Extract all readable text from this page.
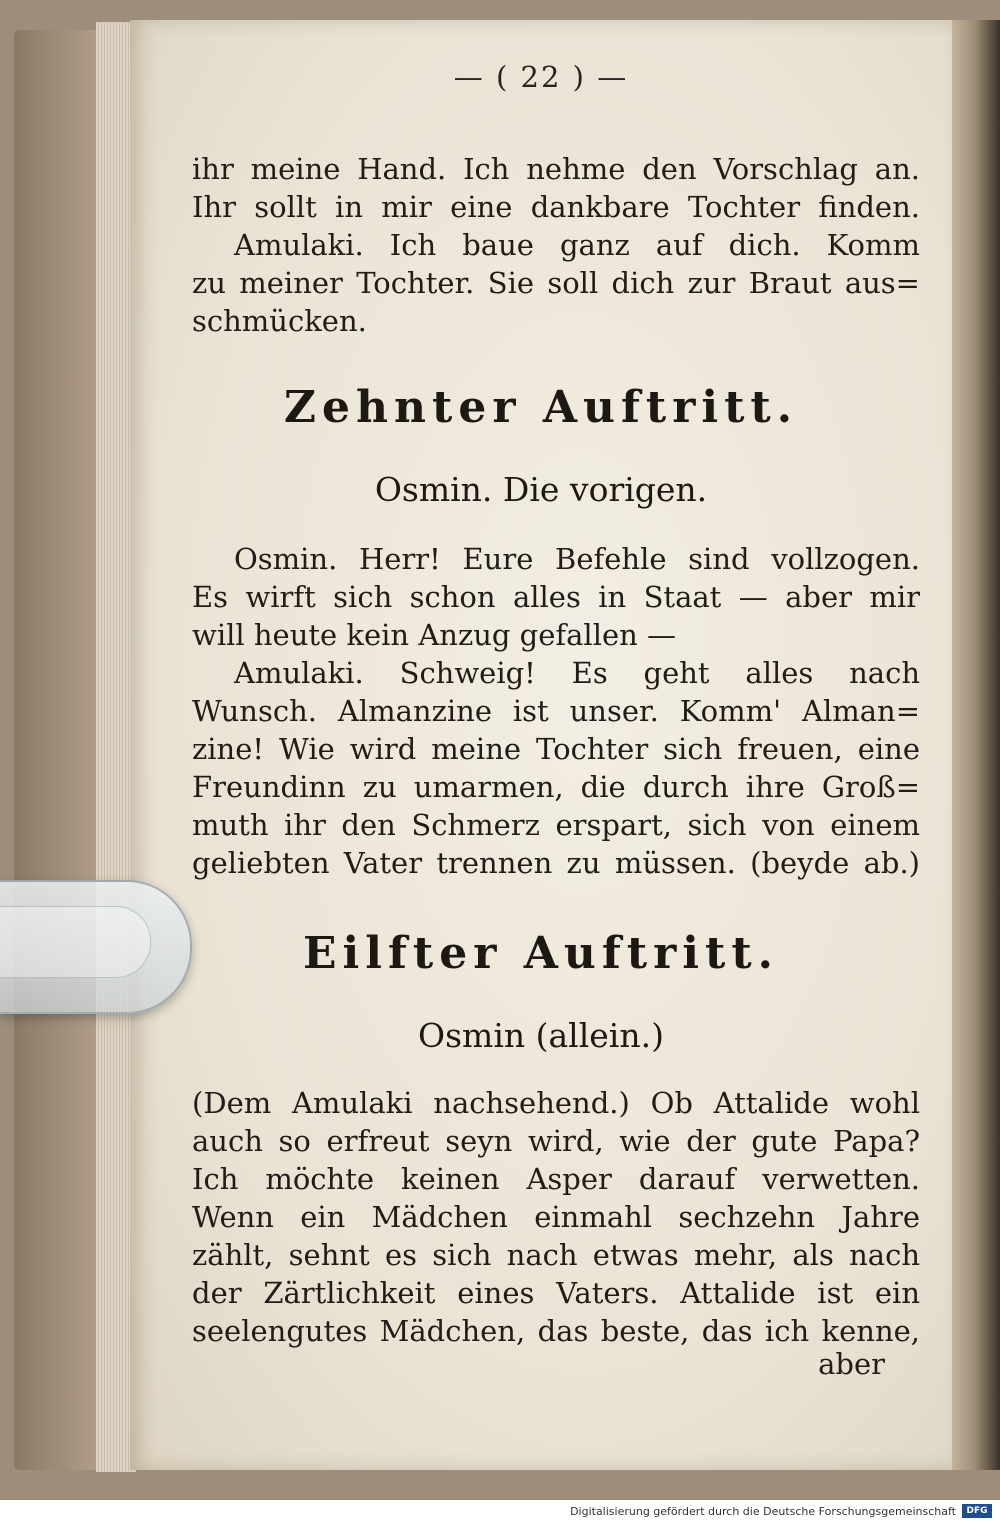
— ( 22 ) —
ihr meine Hand. Ich nehme den Vorschlag an.
Ihr sollt in mir eine dankbare Tochter finden.
Amulaki. Ich baue ganz auf dich. Komm
zu meiner Tochter. Sie soll dich zur Braut aus=
schmücken.
Zehnter Auftritt.
Osmin. Die vorigen.
Osmin. Herr! Eure Befehle sind vollzogen.
Es wirft sich schon alles in Staat — aber mir
will heute kein Anzug gefallen —
Amulaki. Schweig! Es geht alles nach
Wunsch. Almanzine ist unser. Komm' Alman=
zine! Wie wird meine Tochter sich freuen, eine
Freundinn zu umarmen, die durch ihre Groß=
muth ihr den Schmerz erspart, sich von einem
geliebten Vater trennen zu müssen. (beyde ab.)
Eilfter Auftritt.
Osmin (allein.)
(Dem Amulaki nachsehend.) Ob Attalide wohl
auch so erfreut seyn wird, wie der gute Papa?
Ich möchte keinen Asper darauf verwetten.
Wenn ein Mädchen einmahl sechzehn Jahre
zählt, sehnt es sich nach etwas mehr, als nach
der Zärtlichkeit eines Vaters. Attalide ist ein
seelengutes Mädchen, das beste, das ich kenne,
aber
Digitalisierung gefördert durch die Deutsche Forschungsgemeinschaft	DFG
